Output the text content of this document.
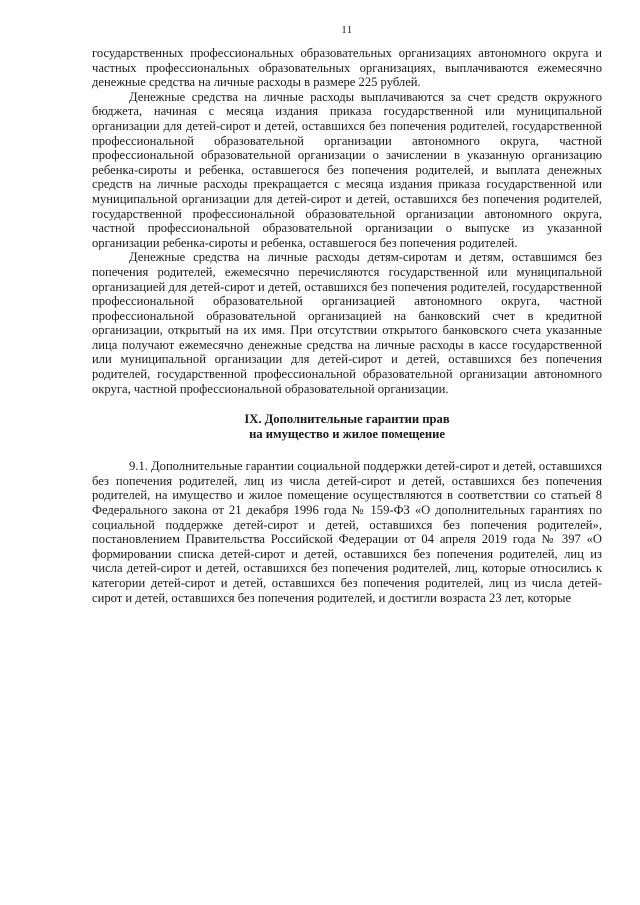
11

государственных профессиональных образовательных организациях автономного округа и частных профессиональных образовательных организациях, выплачиваются ежемесячно денежные средства на личные расходы в размере 225 рублей.

Денежные средства на личные расходы выплачиваются за счет средств окружного бюджета, начиная с месяца издания приказа государственной или муниципальной организации для детей-сирот и детей, оставшихся без попечения родителей, государственной профессиональной образовательной организации автономного округа, частной профессиональной образовательной организации о зачислении в указанную организацию ребенка-сироты и ребенка, оставшегося без попечения родителей, и выплата денежных средств на личные расходы прекращается с месяца издания приказа государственной или муниципальной организации для детей-сирот и детей, оставшихся без попечения родителей, государственной профессиональной образовательной организации автономного округа, частной профессиональной образовательной организации о выпуске из указанной организации ребенка-сироты и ребенка, оставшегося без попечения родителей.

Денежные средства на личные расходы детям-сиротам и детям, оставшимся без попечения родителей, ежемесячно перечисляются государственной или муниципальной организацией для детей-сирот и детей, оставшихся без попечения родителей, государственной профессиональной образовательной организацией автономного округа, частной профессиональной образовательной организацией на банковский счет в кредитной организации, открытый на их имя. При отсутствии открытого банковского счета указанные лица получают ежемесячно денежные средства на личные расходы в кассе государственной или муниципальной организации для детей-сирот и детей, оставшихся без попечения родителей, государственной профессиональной образовательной организации автономного округа, частной профессиональной образовательной организации.

IX. Дополнительные гарантии прав
на имущество и жилое помещение

9.1. Дополнительные гарантии социальной поддержки детей-сирот и детей, оставшихся без попечения родителей, лиц из числа детей-сирот и детей, оставшихся без попечения родителей, на имущество и жилое помещение осуществляются в соответствии со статьей 8 Федерального закона от 21 декабря 1996 года № 159-ФЗ «О дополнительных гарантиях по социальной поддержке детей-сирот и детей, оставшихся без попечения родителей», постановлением Правительства Российской Федерации от 04 апреля 2019 года № 397 «О формировании списка детей-сирот и детей, оставшихся без попечения родителей, лиц из числа детей-сирот и детей, оставшихся без попечения родителей, лиц, которые относились к категории детей-сирот и детей, оставшихся без попечения родителей, лиц из числа детей-сирот и детей, оставшихся без попечения родителей, и достигли возраста 23 лет, которые
